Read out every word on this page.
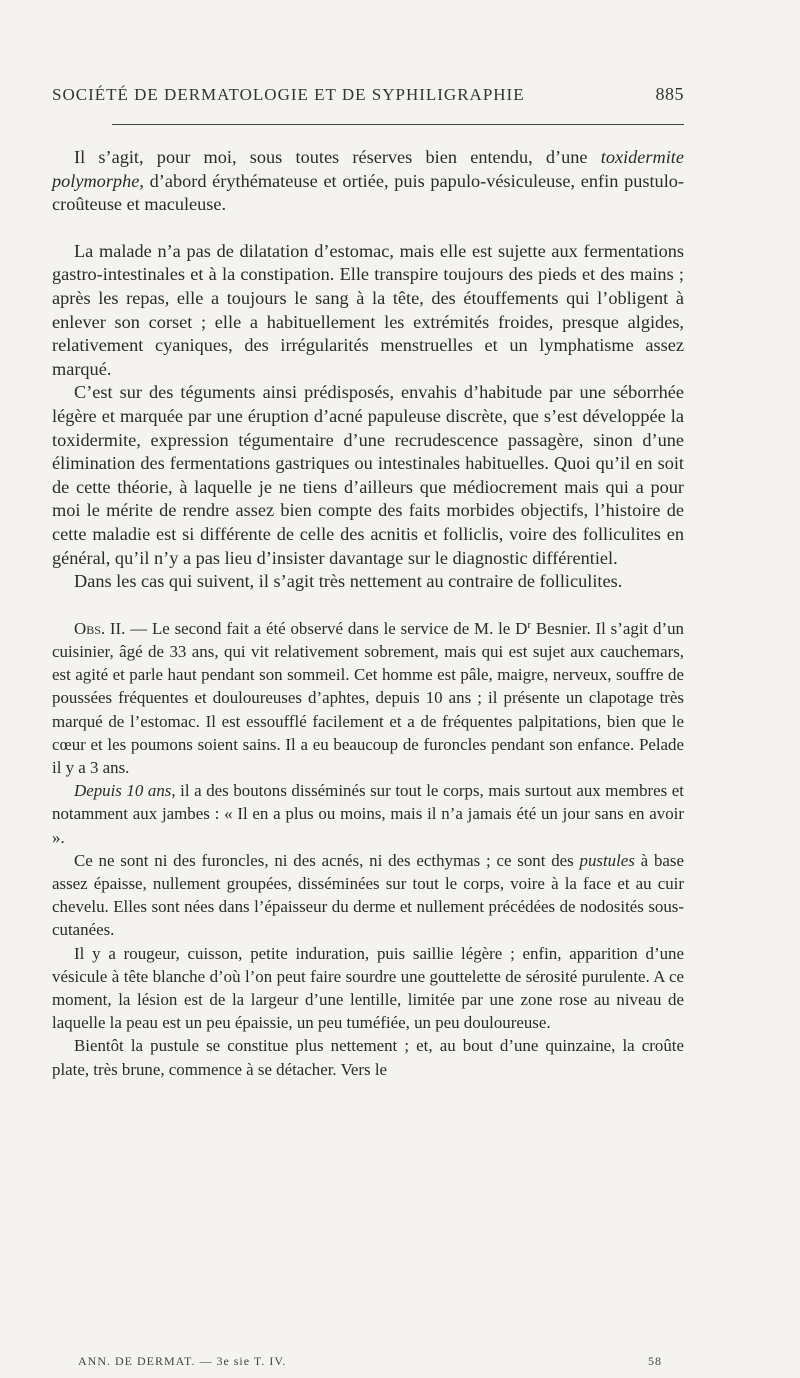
SOCIÉTÉ DE DERMATOLOGIE ET DE SYPHILIGRAPHIE	885

Il s’agit, pour moi, sous toutes réserves bien entendu, d’une toxidermite polymorphe, d’abord érythémateuse et ortiée, puis papulo-vésiculeuse, enfin pustulo-croûteuse et maculeuse.

La malade n’a pas de dilatation d’estomac, mais elle est sujette aux fermentations gastro-intestinales et à la constipation. Elle transpire toujours des pieds et des mains ; après les repas, elle a toujours le sang à la tête, des étouffements qui l’obligent à enlever son corset ; elle a habituellement les extrémités froides, presque algides, relativement cyaniques, des irrégularités menstruelles et un lymphatisme assez marqué.

C’est sur des téguments ainsi prédisposés, envahis d’habitude par une séborrhée légère et marquée par une éruption d’acné papuleuse discrète, que s’est développée la toxidermite, expression tégumentaire d’une recrudescence passagère, sinon d’une élimination des fermentations gastriques ou intestinales habituelles. Quoi qu’il en soit de cette théorie, à laquelle je ne tiens d’ailleurs que médiocrement mais qui a pour moi le mérite de rendre assez bien compte des faits morbides objectifs, l’histoire de cette maladie est si différente de celle des acnitis et folliclis, voire des folliculites en général, qu’il n’y a pas lieu d’insister davantage sur le diagnostic différentiel.

Dans les cas qui suivent, il s’agit très nettement au contraire de folliculites.

Obs. II. — Le second fait a été observé dans le service de M. le $D^r$ Besnier. Il s’agit d’un cuisinier, âgé de 33 ans, qui vit relativement sobrement, mais qui est sujet aux cauchemars, est agité et parle haut pendant son sommeil. Cet homme est pâle, maigre, nerveux, souffre de poussées fréquentes et douloureuses d’aphtes, depuis 10 ans ; il présente un clapotage très marqué de l’estomac. Il est essoufflé facilement et a de fréquentes palpitations, bien que le cœur et les poumons soient sains. Il a eu beaucoup de furoncles pendant son enfance. Pelade il y a 3 ans.

Depuis 10 ans, il a des boutons disséminés sur tout le corps, mais surtout aux membres et notamment aux jambes : « Il en a plus ou moins, mais il n’a jamais été un jour sans en avoir ».

Ce ne sont ni des furoncles, ni des acnés, ni des ecthymas ; ce sont des pustules à base assez épaisse, nullement groupées, disséminées sur tout le corps, voire à la face et au cuir chevelu. Elles sont nées dans l’épaisseur du derme et nullement précédées de nodosités sous-cutanées.

Il y a rougeur, cuisson, petite induration, puis saillie légère ; enfin, apparition d’une vésicule à tête blanche d’où l’on peut faire sourdre une gouttelette de sérosité purulente. A ce moment, la lésion est de la largeur d’une lentille, limitée par une zone rose au niveau de laquelle la peau est un peu épaissie, un peu tuméfiée, un peu douloureuse.

Bientôt la pustule se constitue plus nettement ; et, au bout d’une quinzaine, la croûte plate, très brune, commence à se détacher. Vers le

ANN. DE DERMAT. — 3e sie T. IV.	58
